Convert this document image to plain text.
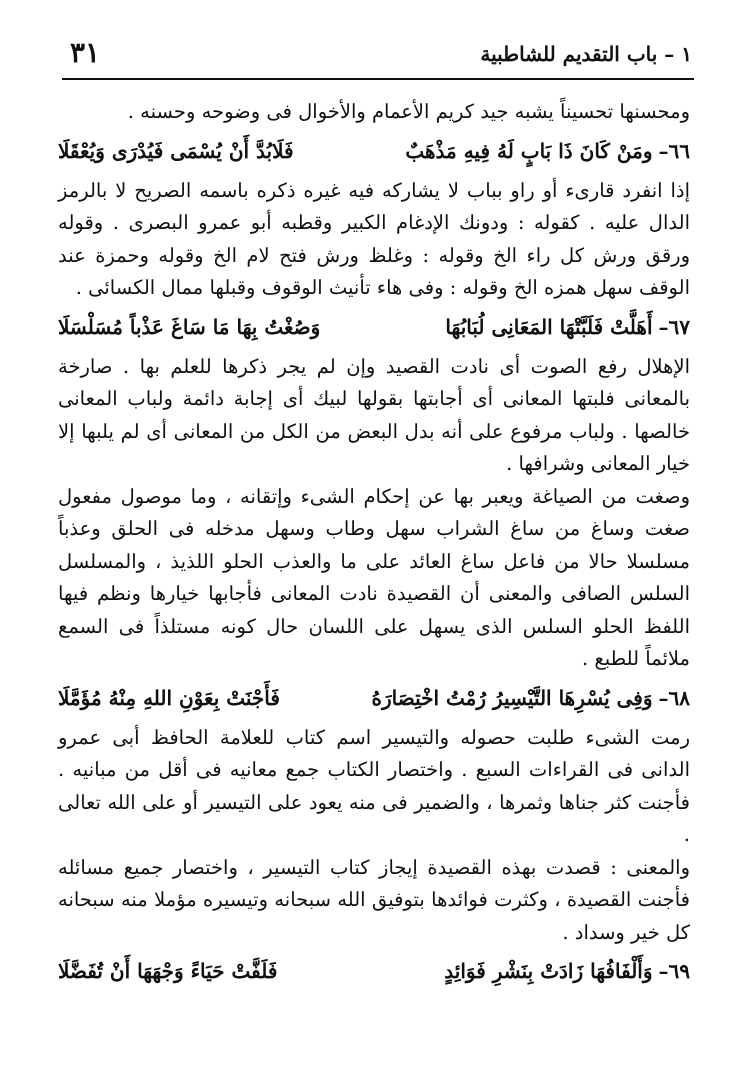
١ – باب التقديم للشاطبية
٣١

ومحسنها تحسيناً يشبه جيد كريم الأعمام والأخوال فى وضوحه وحسنه .

٦٦–
ومَنْ كَانَ ذَا بَابٍ لَهُ فِيهِ مَذْهَبٌ
فَلَابُدَّ أَنْ يُسْمَى فَيُدْرَى وَيُعْقَلَا

إذا انفرد قارىء أو راو بباب لا يشاركه فيه غيره ذكره باسمه الصريح لا بالرمز الدال عليه . كقوله : ودونك الإدغام الكبير وقطبه أبو عمرو البصرى . وقوله ورقق ورش كل راء الخ وقوله : وغلظ ورش فتح لام الخ وقوله وحمزة عند الوقف سهل همزه الخ وقوله : وفى هاء تأنيث الوقوف وقبلها ممال الكسائى .

٦٧–
أَهَلَّتْ فَلَبَّتْهَا المَعَانِى لُبَابُهَا
وَصُغْتُ بِهَا مَا سَاغَ عَذْباً مُسَلْسَلَا

الإهلال رفع الصوت أى نادت القصيد وإن لم يجر ذكرها للعلم بها . صارخة بالمعانى فلبتها المعانى أى أجابتها بقولها لبيك أى إجابة دائمة ولباب المعانى خالصها . ولباب مرفوع على أنه بدل البعض من الكل من المعانى أى لم يلبها إلا خيار المعانى وشرافها .

وصغت من الصياغة ويعبر بها عن إحكام الشىء وإتقانه ، وما موصول مفعول صغت وساغ من ساغ الشراب سهل وطاب وسهل مدخله فى الحلق وعذباً مسلسلا حالا من فاعل ساغ العائد على ما والعذب الحلو اللذيذ ، والمسلسل السلس الصافى والمعنى أن القصيدة نادت المعانى فأجابها خيارها ونظم فيها اللفظ الحلو السلس الذى يسهل على اللسان حال كونه مستلذاً فى السمع ملائماً للطبع .

٦٨–
وَفِى يُسْرِهَا التَّيْسِيرُ رُمْتُ اخْتِصَارَهُ
فَأَجْنَتْ بِعَوْنِ اللهِ مِنْهُ مُؤَمَّلَا

رمت الشىء طلبت حصوله والتيسير اسم كتاب للعلامة الحافظ أبى عمرو الدانى فى القراءات السبع . واختصار الكتاب جمع معانيه فى أقل من مبانيه . فأجنت كثر جناها وثمرها ، والضمير فى منه يعود على التيسير أو على الله تعالى .

والمعنى : قصدت بهذه القصيدة إيجاز كتاب التيسير ، واختصار جميع مسائله فأجنت القصيدة ، وكثرت فوائدها بتوفيق الله سبحانه وتيسيره مؤملا منه سبحانه كل خير وسداد .

٦٩–
وَأَلْفَافُهَا زَادَتْ بِنَشْرِ فَوَائِدٍ
فَلَفَّتْ حَيَاءً وَجْهَهَا أَنْ تُفَضَّلَا
